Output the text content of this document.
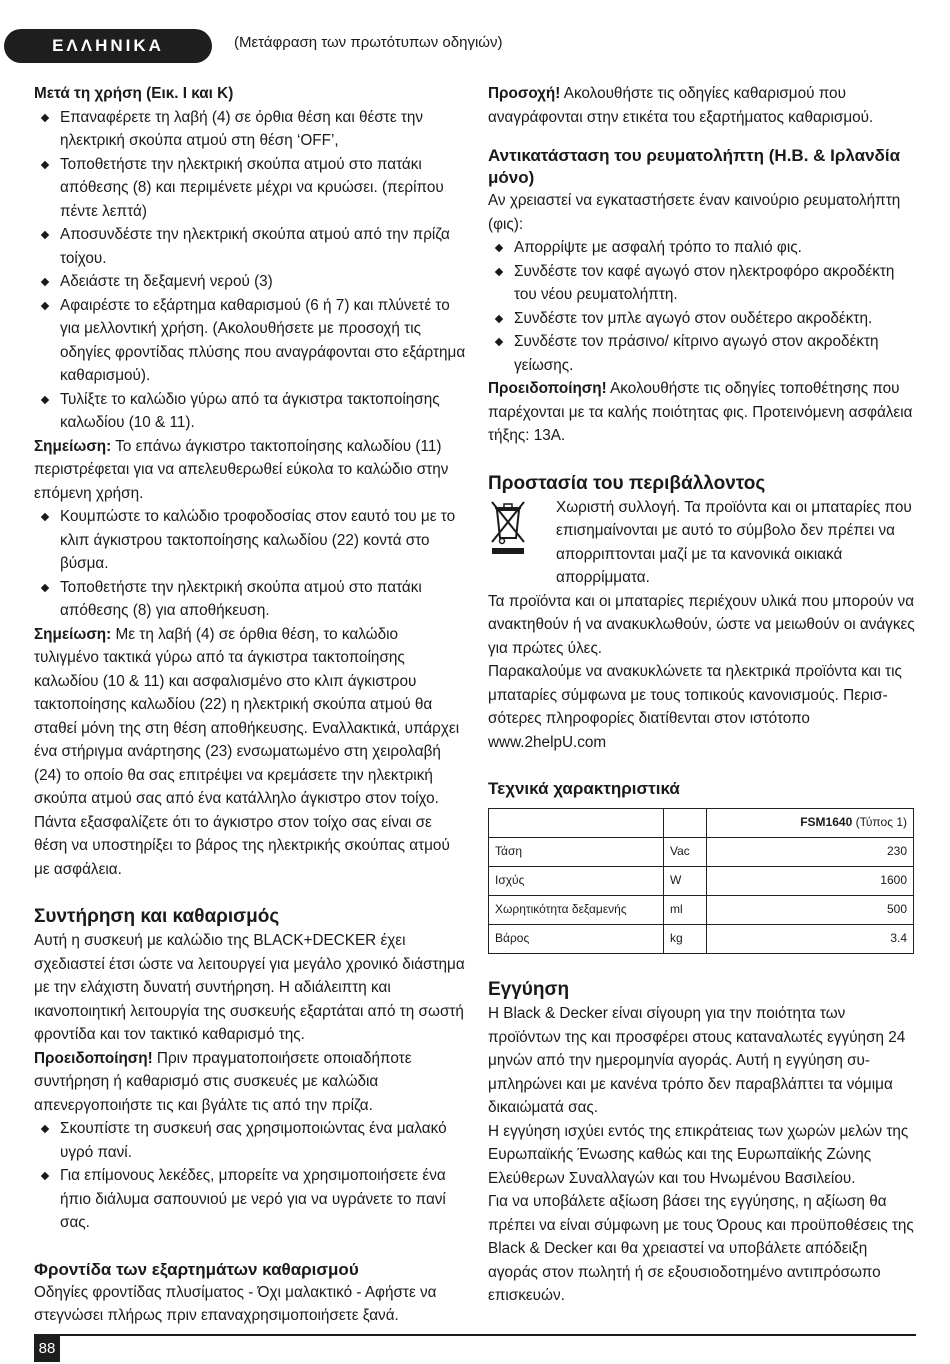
ΕΛΛΗΝΙΚΑ	(Μετάφραση των πρωτότυπων οδηγιών)
Μετά τη χρήση (Εικ. I και K)
Επαναφέρετε τη λαβή (4) σε όρθια θέση και θέστε την ηλεκτρική σκούπα ατμού στη θέση ‘OFF’,
Τοποθετήστε την ηλεκτρική σκούπα ατμού στο πατάκι απόθεσης (8) και περιμένετε μέχρι να κρυώσει. (περίπου πέντε λεπτά)
Αποσυνδέστε την ηλεκτρική σκούπα ατμού από την πρίζα τοίχου.
Αδειάστε τη δεξαμενή νερού (3)
Αφαιρέστε το εξάρτημα καθαρισμού (6 ή 7) και πλύνετέ το για μελλοντική χρήση. (Ακολουθήσετε με προσοχή τις οδηγίες φροντίδας πλύσης που αναγράφονται στο εξάρτημα καθαρισμού).
Τυλίξτε το καλώδιο γύρω από τα άγκιστρα τακτοποίησης καλωδίου (10 & 11).

Σημείωση: Το επάνω άγκιστρο τακτοποίησης καλωδίου (11) περιστρέφεται για να απελευθερωθεί εύκολα το καλώδιο στην επόμενη χρήση.

Κουμπώστε το καλώδιο τροφοδοσίας στον εαυτό του με το κλιπ άγκιστρου τακτοποίησης καλωδίου (22) κοντά στο βύσμα.
Τοποθετήστε την ηλεκτρική σκούπα ατμού στο πατάκι απόθεσης (8) για αποθήκευση.

Σημείωση: Με τη λαβή (4) σε όρθια θέση, το καλώδιο τυλιγμένο τακτικά γύρω από τα άγκιστρα τακτοποίησης καλωδίου (10 & 11) και ασφαλισμένο στο κλιπ άγκιστρου τακτοποίησης καλωδίου (22) η ηλεκτρική σκούπα ατμού θα σταθεί μόνη της στη θέση αποθήκευσης. Εναλλακτικά, υπάρχει ένα στήριγμα ανάρτησης (23) ενσωματωμένο στη χειρολαβή (24) το οποίο θα σας επιτρέψει να κρεμάσετε την ηλεκτρική σκούπα ατμού σας από ένα κατάλληλο άγκιστρο στον τοίχο. Πάντα εξασφαλίζετε ότι το άγκιστρο στον τοίχο σας είναι σε θέση να υποστηρίξει το βάρος της ηλεκτρικής σκούπας ατμού με ασφάλεια.

Συντήρηση και καθαρισμός

Αυτή η συσκευή με καλώδιο της BLACK+DECKER έχει σχεδιαστεί έτσι ώστε να λειτουργεί για μεγάλο χρονικό διάστημα με την ελάχιστη δυνατή συντήρηση. Η αδιάλειπτη και ικανοποιητική λειτουργία της συσκευής εξαρτάται από τη σωστή φροντίδα και τον τακτικό καθαρισμό της.

Προειδοποίηση! Πριν πραγματοποιήσετε οποιαδήποτε συντήρηση ή καθαρισμό στις συσκευές με καλώδια απενεργοποιήστε τις και βγάλτε τις από την πρίζα.

Σκουπίστε τη συσκευή σας χρησιμοποιώντας ένα μαλακό υγρό πανί.
Για επίμονους λεκέδες, μπορείτε να χρησιμοποιήσετε ένα ήπιο διάλυμα σαπουνιού με νερό για να υγράνετε το πανί σας.
Φροντίδα των εξαρτημάτων καθαρισμού

Οδηγίες φροντίδας πλυσίματος - Όχι μαλακτικό - Αφήστε να στεγνώσει πλήρως πριν επαναχρησιμοποιήσετε ξανά.

Προσοχή! Ακολουθήστε τις οδηγίες καθαρισμού που αναγράφονται στην ετικέτα του εξαρτήματος καθαρισμού.

Αντικατάσταση του ρευματολήπτη (Η.Β. & Ιρλανδία μόνο)

Αν χρειαστεί να εγκαταστήσετε έναν καινούριο ρευματολήπτη (φις):

Απορρίψτε με ασφαλή τρόπο το παλιό φις.
Συνδέστε τον καφέ αγωγό στον ηλεκτροφόρο ακροδέκτη του νέου ρευματολήπτη.
Συνδέστε τον μπλε αγωγό στον ουδέτερο ακροδέκτη.
Συνδέστε τον πράσινο/ κίτρινο αγωγό στον ακροδέκτη γείωσης.

Προειδοποίηση! Ακολουθήστε τις οδηγίες τοποθέτησης που παρέχονται με τα καλής ποιότητας φις. Προτεινόμενη ασφάλεια τήξης: 13A.

Προστασία του περιβάλλοντος

Χωριστή συλλογή. Τα προϊόντα και οι μπαταρίες που επισημαίνονται με αυτό το σύμβολο δεν πρέπει να απορριπτονται μαζί με τα κανονικά οικιακά απορρίμματα.

Τα προϊόντα και οι μπαταρίες περιέχουν υλικά που μπορούν να ανακτηθούν ή να ανακυκλωθούν, ώστε να μειωθούν οι ανάγκες για πρώτες ύλες.

Παρακαλούμε να ανακυκλώνετε τα ηλεκτρικά προϊόντα και τις μπαταρίες σύμφωνα με τους τοπικούς κανονισμούς. Περισ-σότερες πληροφορίες διατίθενται στον ιστότοπο www.2helpU.com

Τεχνικά χαρακτηριστικά
		FSM1640 (Τύπος 1)
Τάση	Vac	230
Ισχύς	W	1600
Χωρητικότητα δεξαμενής	ml	500
Βάρος	kg	3.4
Εγγύηση

Η Black & Decker είναι σίγουρη για την ποιότητα των προϊόντων της και προσφέρει στους καταναλωτές εγγύηση 24 μηνών από την ημερομηνία αγοράς. Αυτή η εγγύηση συ-μπληρώνει και με κανένα τρόπο δεν παραβλάπτει τα νόμιμα δικαιώματά σας.

Η εγγύηση ισχύει εντός της επικράτειας των χωρών μελών της Ευρωπαϊκής Ένωσης καθώς και της Ευρωπαϊκής Ζώνης Ελεύθερων Συναλλαγών και του Ηνωμένου Βασιλείου.

Για να υποβάλετε αξίωση βάσει της εγγύησης, η αξίωση θα πρέπει να είναι σύμφωνη με τους Όρους και προϋποθέσεις της Black & Decker και θα χρειαστεί να υποβάλετε απόδειξη αγοράς στον πωλητή ή σε εξουσιοδοτημένο αντιπρόσωπο επισκευών.

88
